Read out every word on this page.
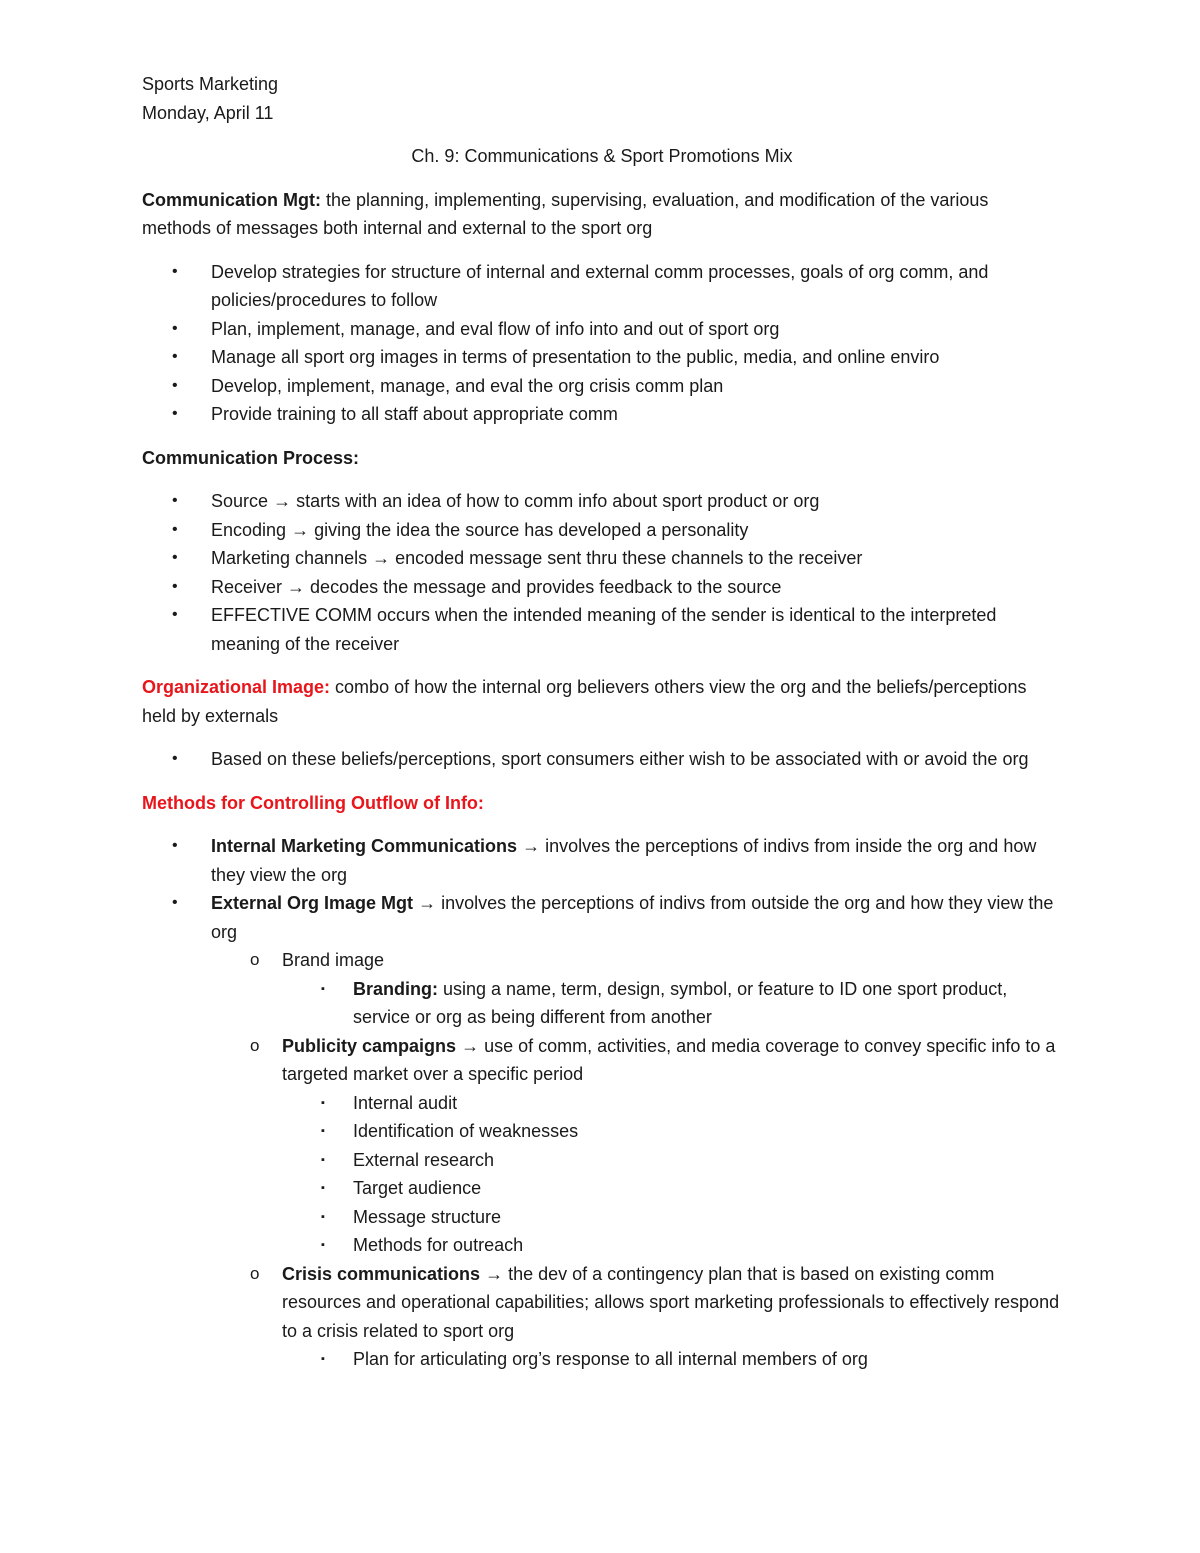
Sports Marketing
Monday, April 11
Ch. 9: Communications & Sport Promotions Mix
Communication Mgt: the planning, implementing, supervising, evaluation, and modification of the various methods of messages both internal and external to the sport org
• Develop strategies for structure of internal and external comm processes, goals of org comm, and policies/procedures to follow
• Plan, implement, manage, and eval flow of info into and out of sport org
• Manage all sport org images in terms of presentation to the public, media, and online enviro
• Develop, implement, manage, and eval the org crisis comm plan
• Provide training to all staff about appropriate comm
Communication Process:
• Source → starts with an idea of how to comm info about sport product or org
• Encoding → giving the idea the source has developed a personality
• Marketing channels → encoded message sent thru these channels to the receiver
• Receiver → decodes the message and provides feedback to the source
• EFFECTIVE COMM occurs when the intended meaning of the sender is identical to the interpreted meaning of the receiver
Organizational Image: combo of how the internal org believers others view the org and the beliefs/perceptions held by externals
• Based on these beliefs/perceptions, sport consumers either wish to be associated with or avoid the org
Methods for Controlling Outflow of Info:
• Internal Marketing Communications → involves the perceptions of indivs from inside the org and how they view the org
• External Org Image Mgt → involves the perceptions of indivs from outside the org and how they view the org
o Brand image
▪ Branding: using a name, term, design, symbol, or feature to ID one sport product, service or org as being different from another
o Publicity campaigns → use of comm, activities, and media coverage to convey specific info to a targeted market over a specific period
▪ Internal audit
▪ Identification of weaknesses
▪ External research
▪ Target audience
▪ Message structure
▪ Methods for outreach
o Crisis communications → the dev of a contingency plan that is based on existing comm resources and operational capabilities; allows sport marketing professionals to effectively respond to a crisis related to sport org
▪ Plan for articulating org’s response to all internal members of org
